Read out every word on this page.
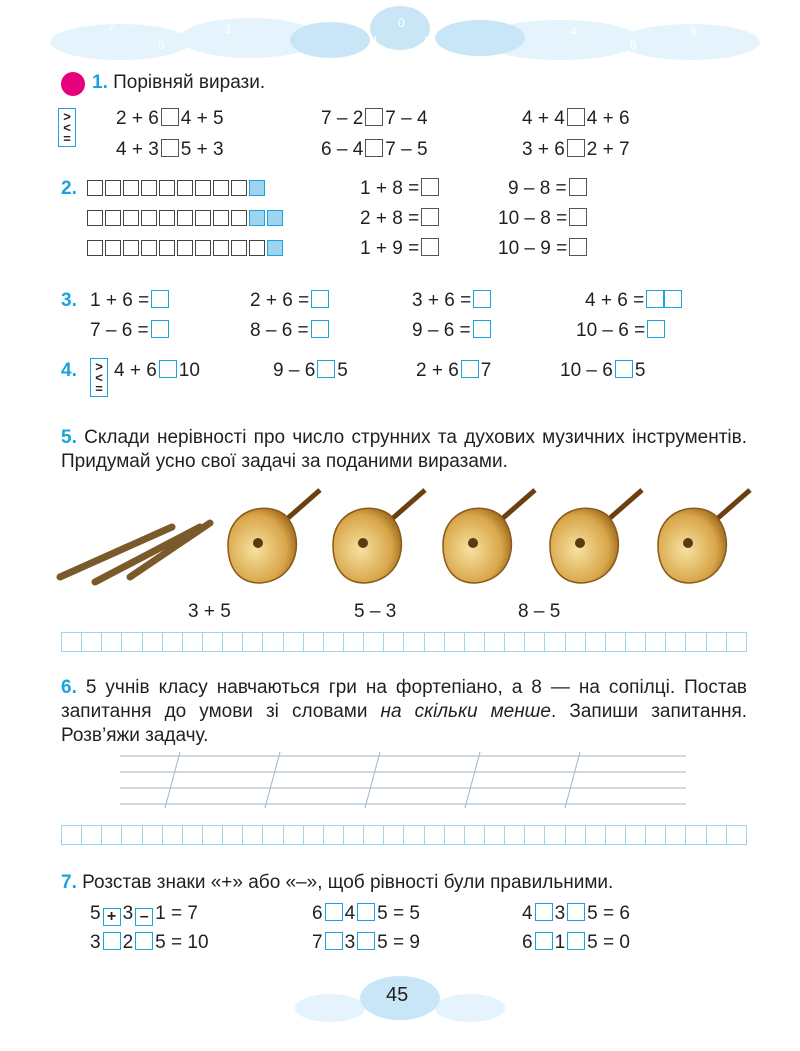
7
5
3	0
1	2
4
6
8
1. Порівняй вирази.
>
<
=
2 + 6 4 + 5	7 – 2 7 – 4	4 + 4 4 + 6
4 + 3 5 + 3	6 – 4 7 – 5	3 + 6 2 + 7
2.	1 + 8 =	9 – 8 =
2 + 8 =	10 – 8 =
1 + 9 =	10 – 9 =
3. 1 + 6 =	2 + 6 =	3 + 6 =	4 + 6 =
7 – 6 =	8 – 6 =	9 – 6 =	10 – 6 =
4.	>
<
=
4 + 6 10	9 – 6 5	2 + 6 7	10 – 6 5
5. Склади нерівності про число струнних та духових музичних інструментів. Придумай усно свої задачі за поданими виразами.
3 + 5	5 – 3	8 – 5
6. 5 учнів класу навчаються гри на фортепіано, а 8 — на сопілці. Постав запитання до умови зі словами на скільки менше. Запиши запитання. Розв’яжи задачу.
7. Розстав знаки «+» або «–», щоб рівності були правильними.
5 + 3 – 1 = 7	6 4 5 = 5	4 3 5 = 6
3 2 5 = 10	7 3 5 = 9	6 1 5 = 0
45
